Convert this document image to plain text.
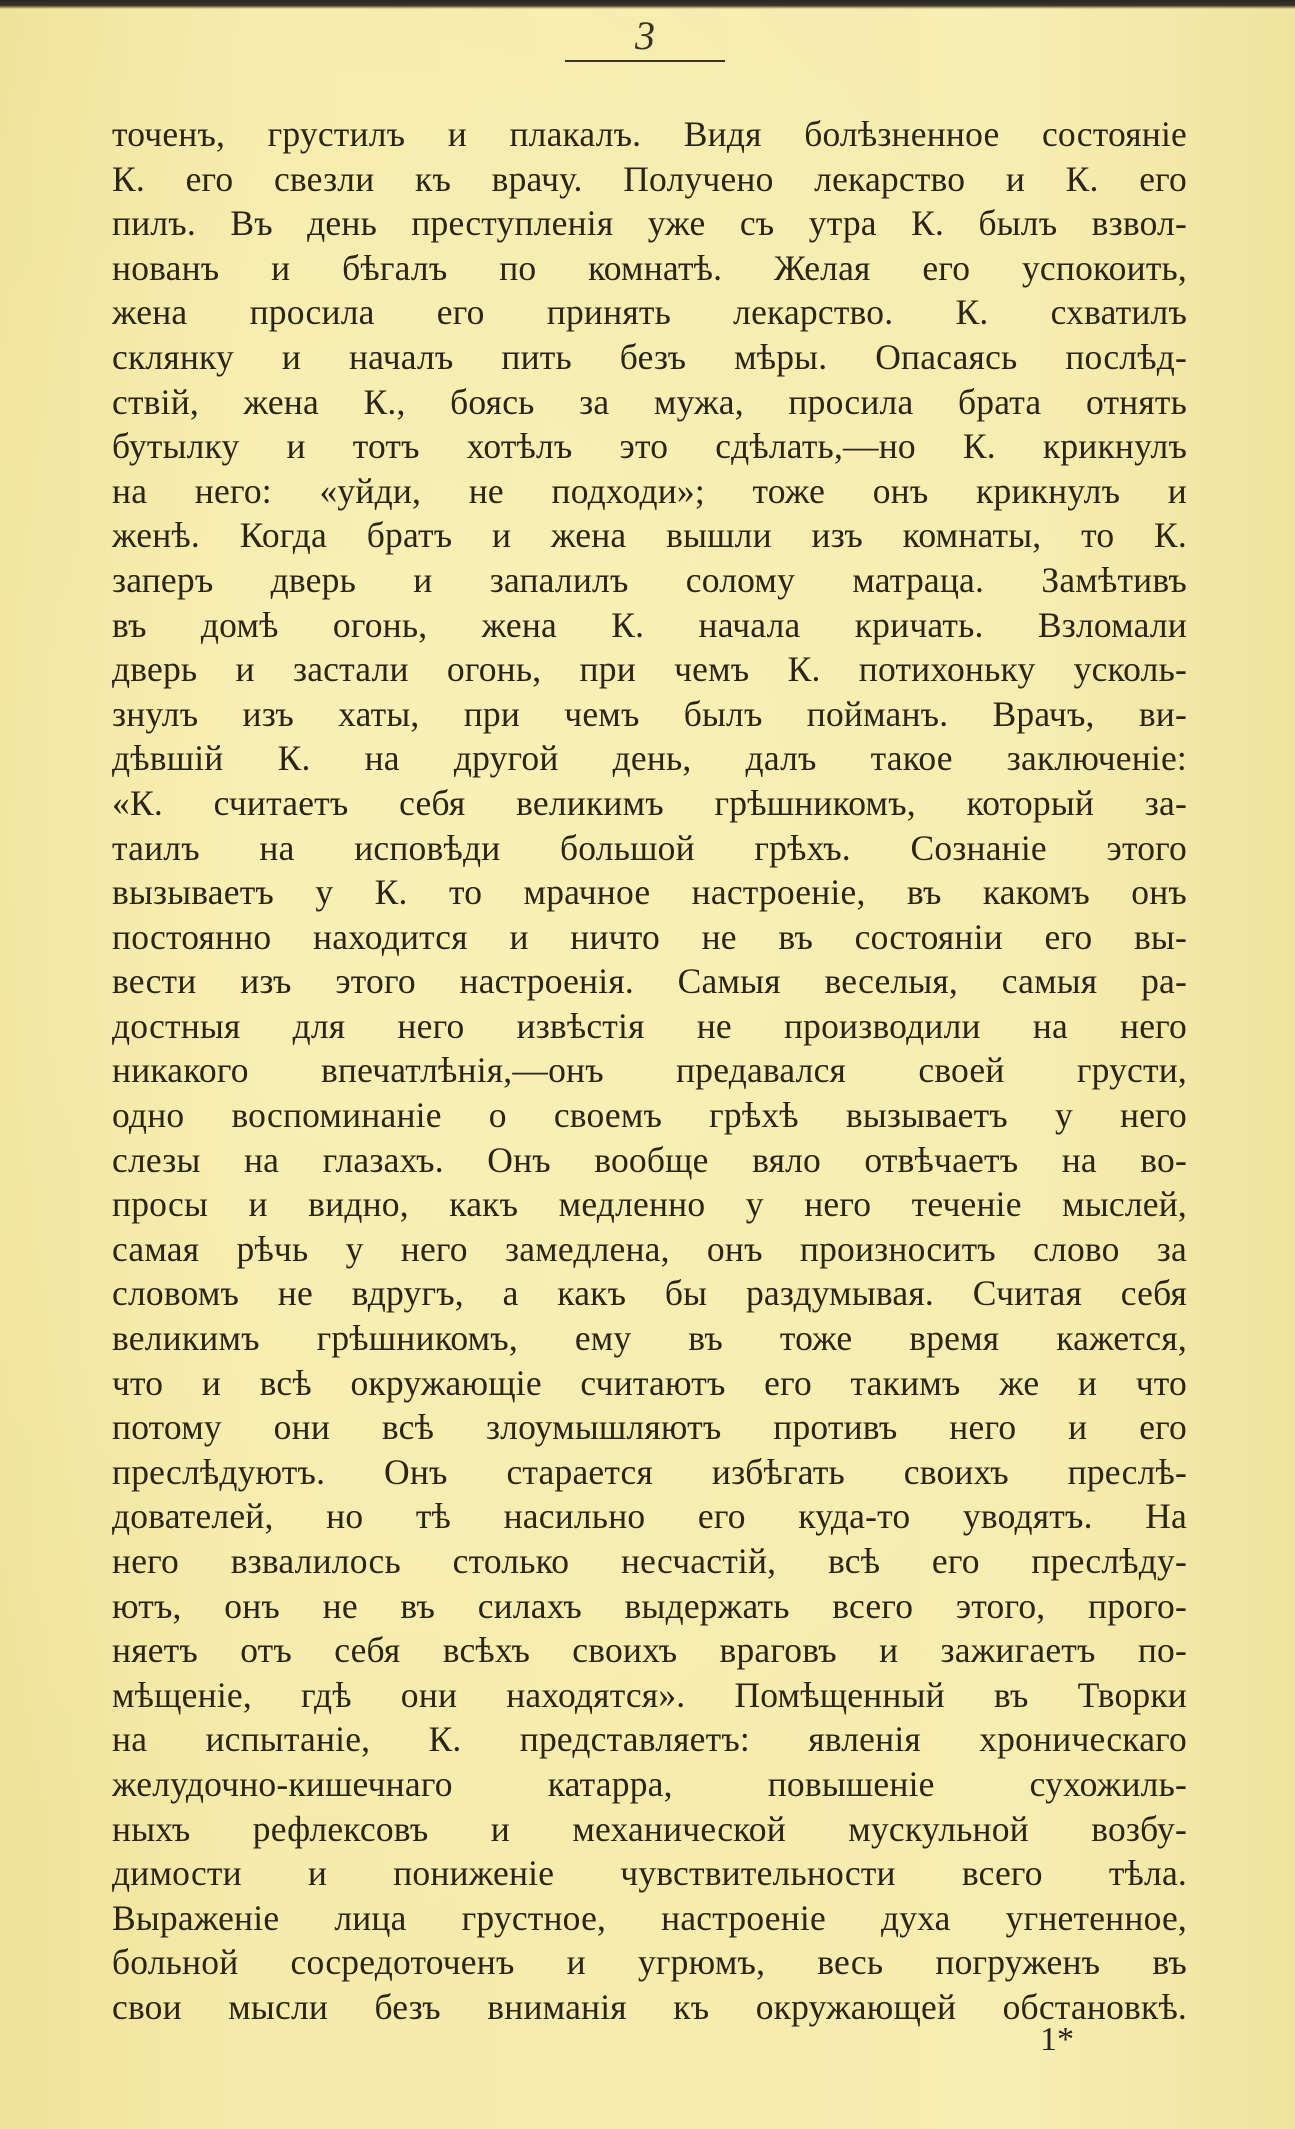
3
точенъ, грустилъ и плакалъ. Видя болѣзненное состояніе
К. его свезли къ врачу. Получено лекарство и К. его
пилъ. Въ день преступленія уже съ утра К. былъ взвол-
нованъ и бѣгалъ по комнатѣ. Желая его успокоить,
жена просила его принять лекарство. К. схватилъ
склянку и началъ пить безъ мѣры. Опасаясь послѣд-
ствій, жена К., боясь за мужа, просила брата отнять
бутылку и тотъ хотѣлъ это сдѣлать,—но К. крикнулъ
на него: «уйди, не подходи»; тоже онъ крикнулъ и
женѣ. Когда братъ и жена вышли изъ комнаты, то К.
заперъ дверь и запалилъ солому матраца. Замѣтивъ
въ домѣ огонь, жена К. начала кричать. Взломали
дверь и застали огонь, при чемъ К. потихоньку усколь-
знулъ изъ хаты, при чемъ былъ пойманъ. Врачъ, ви-
дѣвшій К. на другой день, далъ такое заключеніе:
«К. считаетъ себя великимъ грѣшникомъ, который за-
таилъ на исповѣди большой грѣхъ. Сознаніе этого
вызываетъ у К. то мрачное настроеніе, въ какомъ онъ
постоянно находится и ничто не въ состояніи его вы-
вести изъ этого настроенія. Самыя веселыя, самыя ра-
достныя для него извѣстія не производили на него
никакого впечатлѣнія,—онъ предавался своей грусти,
одно воспоминаніе о своемъ грѣхѣ вызываетъ у него
слезы на глазахъ. Онъ вообще вяло отвѣчаетъ на во-
просы и видно, какъ медленно у него теченіе мыслей,
самая рѣчь у него замедлена, онъ произноситъ слово за
словомъ не вдругъ, а какъ бы раздумывая. Считая себя
великимъ грѣшникомъ, ему въ тоже время кажется,
что и всѣ окружающіе считаютъ его такимъ же и что
потому они всѣ злоумышляютъ противъ него и его
преслѣдуютъ. Онъ старается избѣгать своихъ преслѣ-
дователей, но тѣ насильно его куда-то уводятъ. На
него взвалилось столько несчастій, всѣ его преслѣду-
ютъ, онъ не въ силахъ выдержать всего этого, прого-
няетъ отъ себя всѣхъ своихъ враговъ и зажигаетъ по-
мѣщеніе, гдѣ они находятся». Помѣщенный въ Творки
на испытаніе, К. представляетъ: явленія хроническаго
желудочно-кишечнаго катарра, повышеніе сухожиль-
ныхъ рефлексовъ и механической мускульной возбу-
димости и пониженіе чувствительности всего тѣла.
Выраженіе лица грустное, настроеніе духа угнетенное,
больной сосредоточенъ и угрюмъ, весь погруженъ въ
свои мысли безъ вниманія къ окружающей обстановкѣ.
1*
